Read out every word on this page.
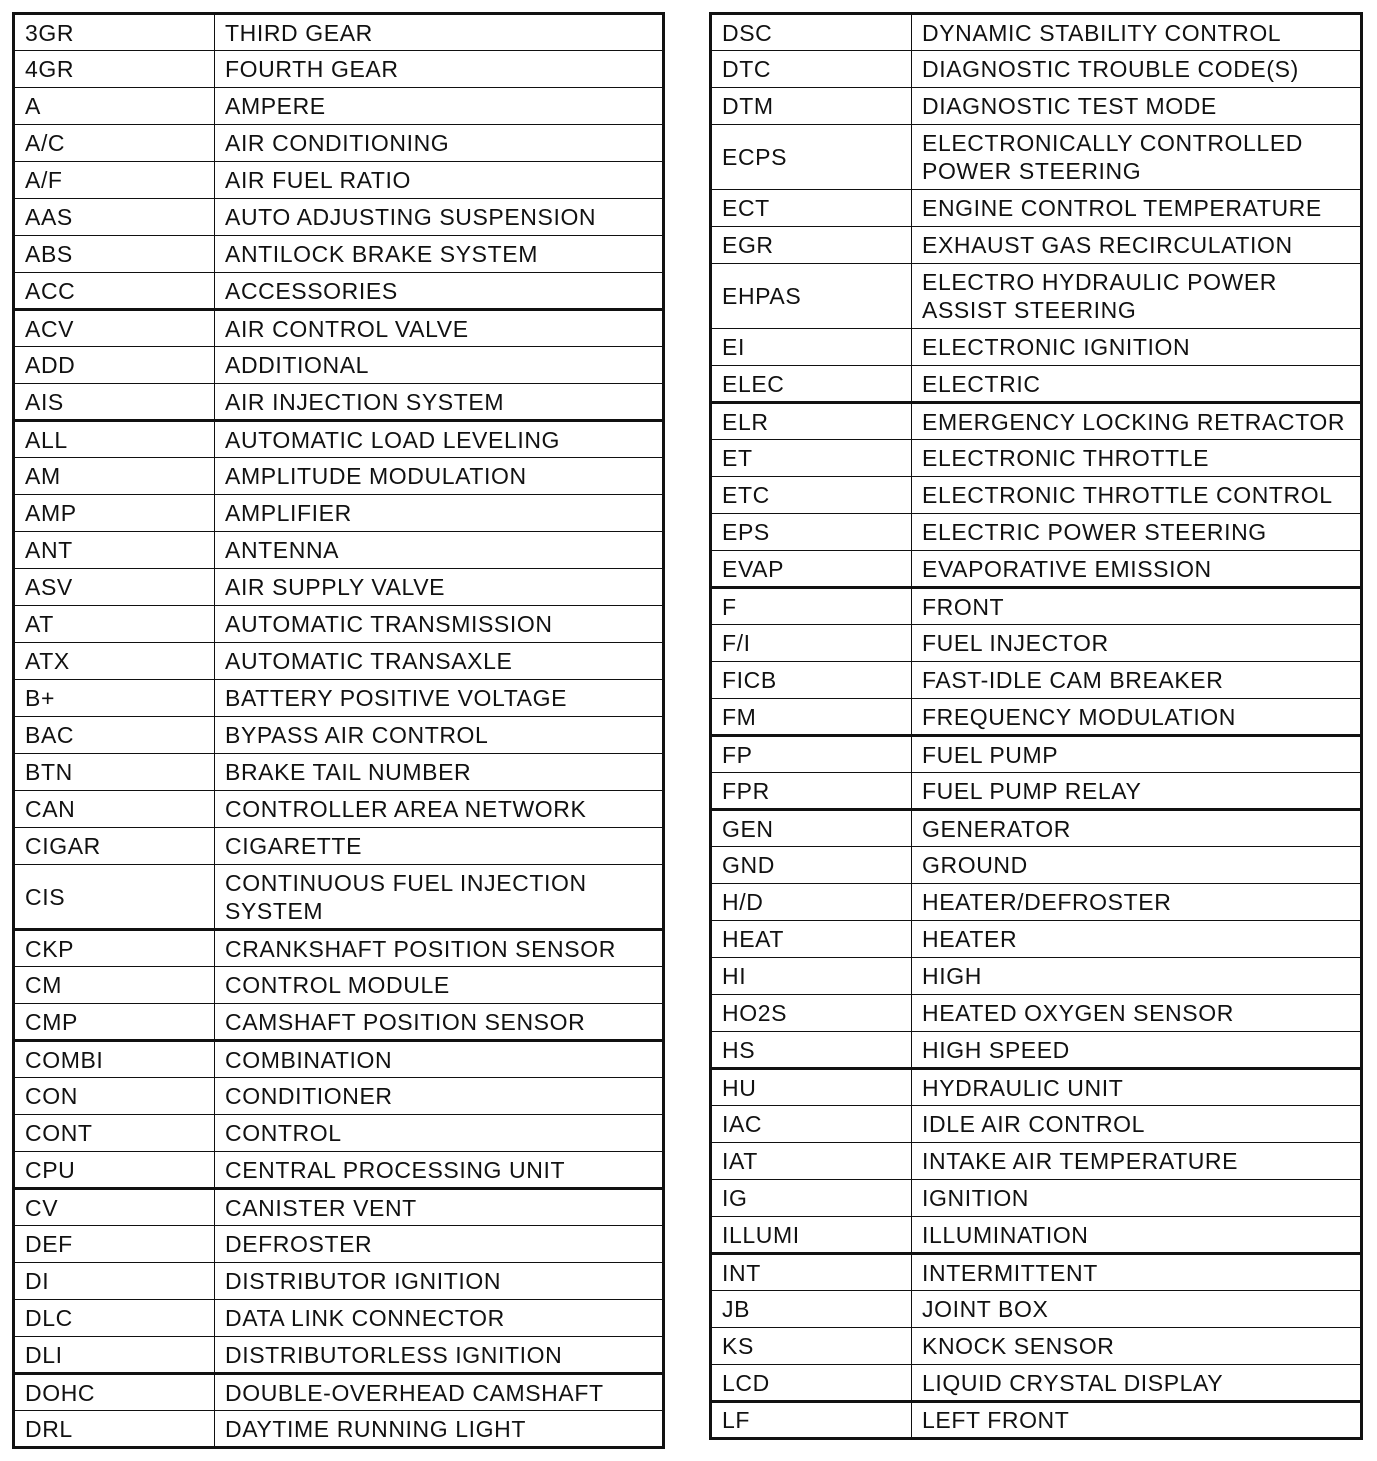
3GR	THIRD GEAR
4GR	FOURTH GEAR
A	AMPERE
A/C	AIR CONDITIONING
A/F	AIR FUEL RATIO
AAS	AUTO ADJUSTING SUSPENSION
ABS	ANTILOCK BRAKE SYSTEM
ACC	ACCESSORIES
ACV	AIR CONTROL VALVE
ADD	ADDITIONAL
AIS	AIR INJECTION SYSTEM
ALL	AUTOMATIC LOAD LEVELING
AM	AMPLITUDE MODULATION
AMP	AMPLIFIER
ANT	ANTENNA
ASV	AIR SUPPLY VALVE
AT	AUTOMATIC TRANSMISSION
ATX	AUTOMATIC TRANSAXLE
B+	BATTERY POSITIVE VOLTAGE
BAC	BYPASS AIR CONTROL
BTN	BRAKE TAIL NUMBER
CAN	CONTROLLER AREA NETWORK
CIGAR	CIGARETTE
CIS	CONTINUOUS FUEL INJECTION SYSTEM
CKP	CRANKSHAFT POSITION SENSOR
CM	CONTROL MODULE
CMP	CAMSHAFT POSITION SENSOR
COMBI	COMBINATION
CON	CONDITIONER
CONT	CONTROL
CPU	CENTRAL PROCESSING UNIT
CV	CANISTER VENT
DEF	DEFROSTER
DI	DISTRIBUTOR IGNITION
DLC	DATA LINK CONNECTOR
DLI	DISTRIBUTORLESS IGNITION
DOHC	DOUBLE-OVERHEAD CAMSHAFT
DRL	DAYTIME RUNNING LIGHT
DSC	DYNAMIC STABILITY CONTROL
DTC	DIAGNOSTIC TROUBLE CODE(S)
DTM	DIAGNOSTIC TEST MODE
ECPS	ELECTRONICALLY CONTROLLED POWER STEERING
ECT	ENGINE CONTROL TEMPERATURE
EGR	EXHAUST GAS RECIRCULATION
EHPAS	ELECTRO HYDRAULIC POWER ASSIST STEERING
EI	ELECTRONIC IGNITION
ELEC	ELECTRIC
ELR	EMERGENCY LOCKING RETRACTOR
ET	ELECTRONIC THROTTLE
ETC	ELECTRONIC THROTTLE CONTROL
EPS	ELECTRIC POWER STEERING
EVAP	EVAPORATIVE EMISSION
F	FRONT
F/I	FUEL INJECTOR
FICB	FAST-IDLE CAM BREAKER
FM	FREQUENCY MODULATION
FP	FUEL PUMP
FPR	FUEL PUMP RELAY
GEN	GENERATOR
GND	GROUND
H/D	HEATER/DEFROSTER
HEAT	HEATER
HI	HIGH
HO2S	HEATED OXYGEN SENSOR
HS	HIGH SPEED
HU	HYDRAULIC UNIT
IAC	IDLE AIR CONTROL
IAT	INTAKE AIR TEMPERATURE
IG	IGNITION
ILLUMI	ILLUMINATION
INT	INTERMITTENT
JB	JOINT BOX
KS	KNOCK SENSOR
LCD	LIQUID CRYSTAL DISPLAY
LF	LEFT FRONT
